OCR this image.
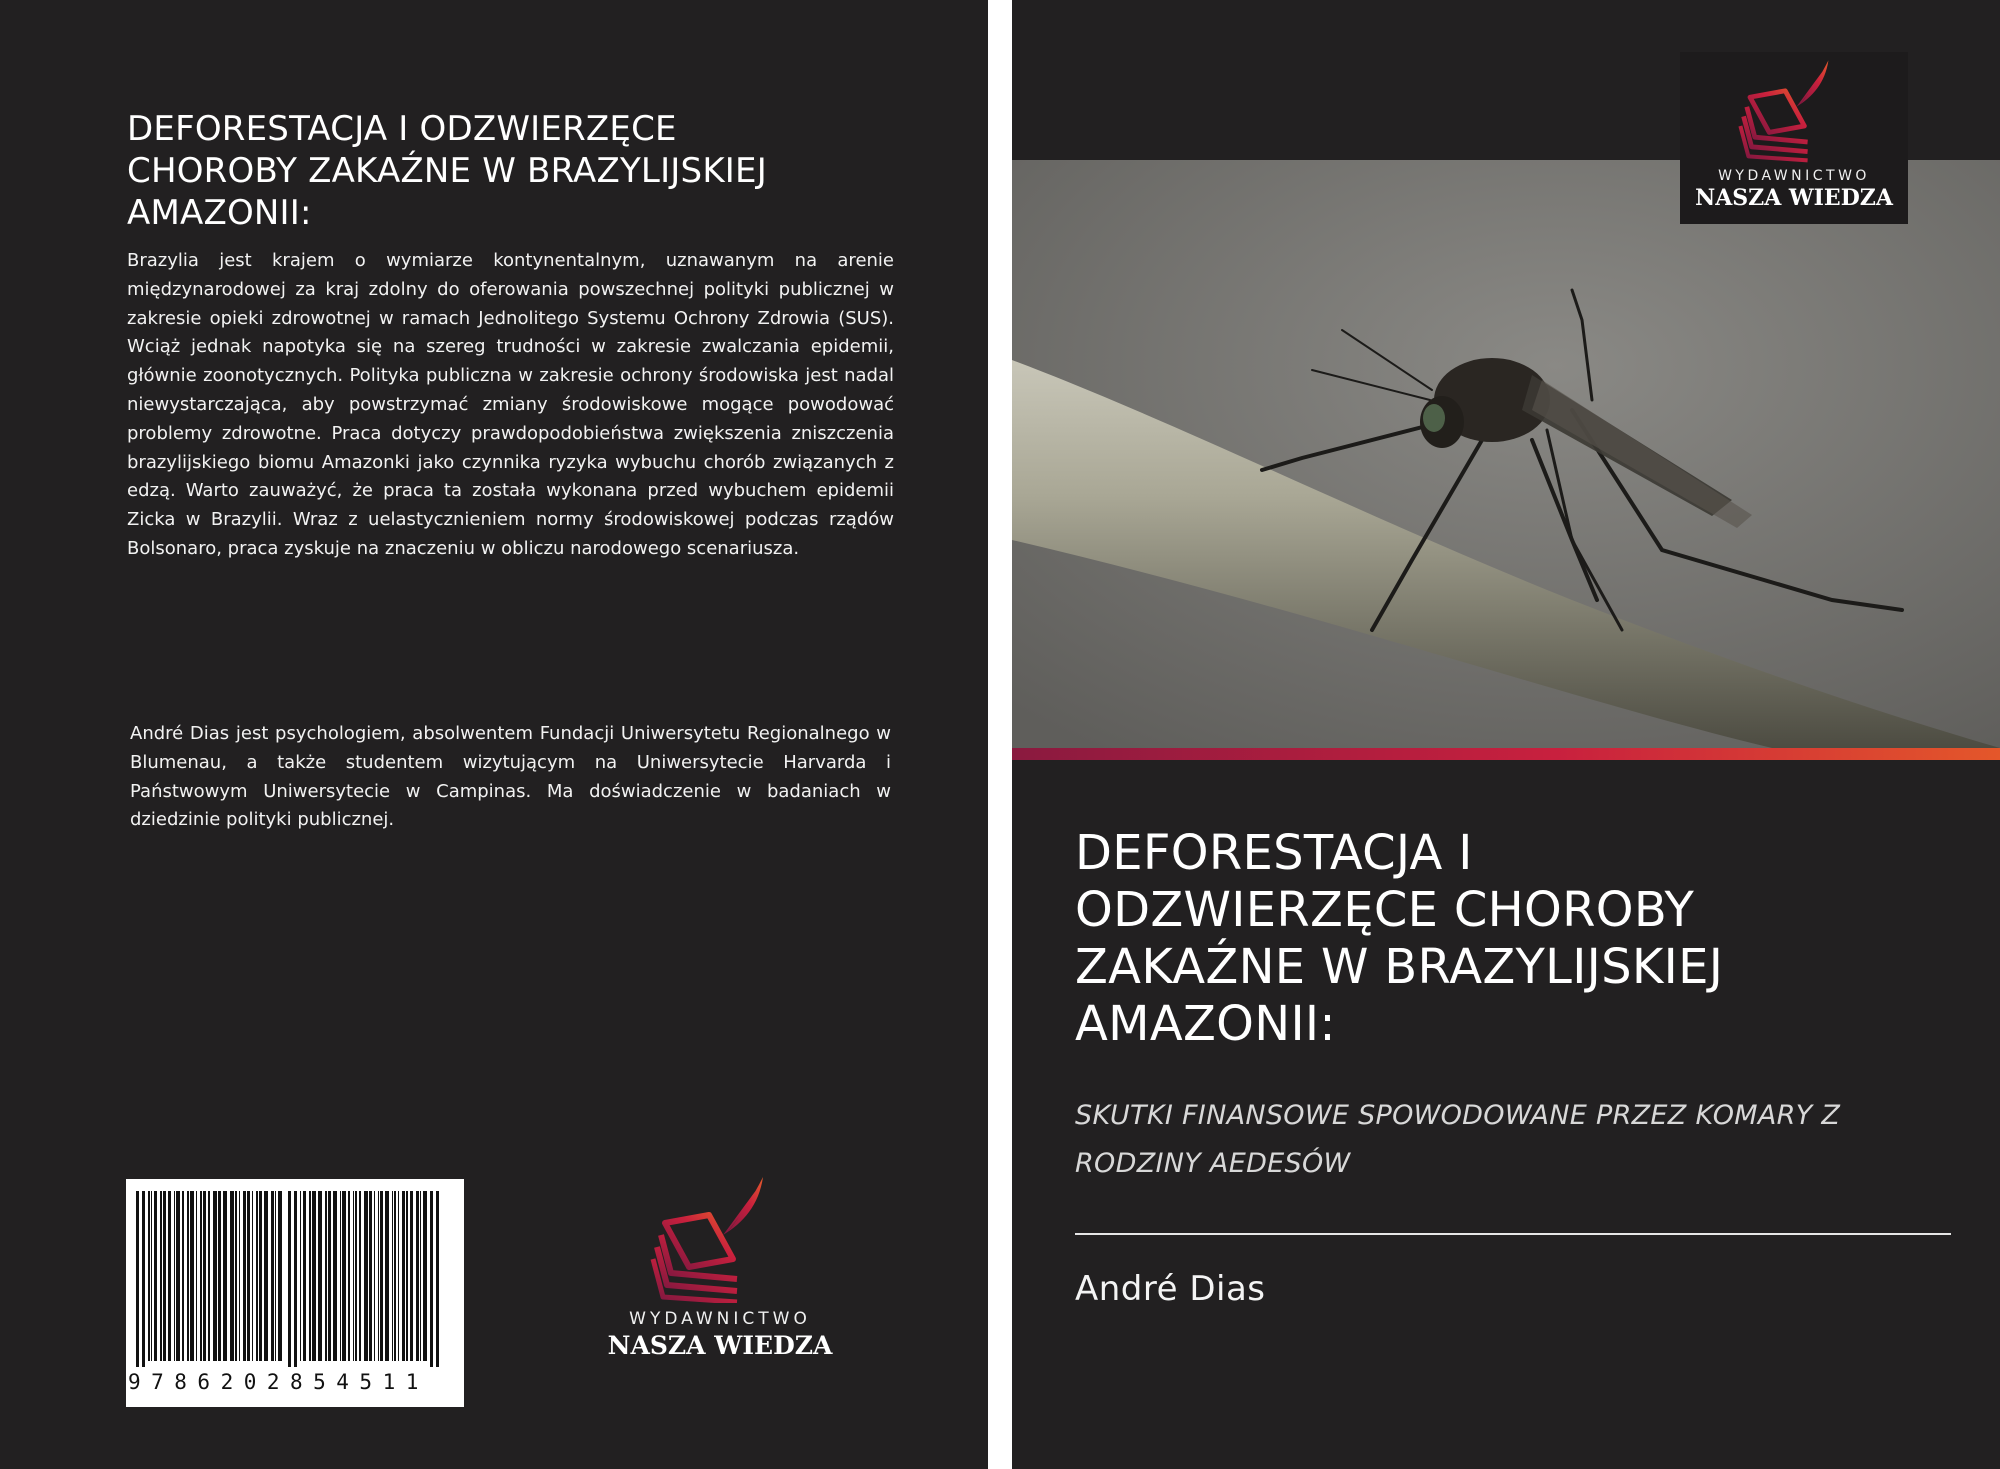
DEFORESTACJA I ODZWIERZĘCE
CHOROBY ZAKAŹNE W BRAZYLIJSKIEJ
AMAZONII:

Brazylia jest krajem o wymiarze kontynentalnym, uznawanym na arenie międzynarodowej za kraj zdolny do oferowania powszechnej polityki publicznej w zakresie opieki zdrowotnej w ramach Jednolitego Systemu Ochrony Zdrowia (SUS). Wciąż jednak napotyka się na szereg trudności w zakresie zwalczania epidemii, głównie zoonotycznych. Polityka publiczna w zakresie ochrony środowiska jest nadal niewystarczająca, aby powstrzymać zmiany środowiskowe mogące powodować problemy zdrowotne. Praca dotyczy prawdopodobieństwa zwiększenia zniszczenia brazylijskiego biomu Amazonki jako czynnika ryzyka wybuchu chorób związanych z edzą. Warto zauważyć, że praca ta została wykonana przed wybuchem epidemii Zicka w Brazylii. Wraz z uelastycznieniem normy środowiskowej podczas rządów Bolsonaro, praca zyskuje na znaczeniu w obliczu narodowego scenariusza.

André Dias jest psychologiem, absolwentem Fundacji Uniwersytetu Regionalnego w Blumenau, a także studentem wizytującym na Uniwersytecie Harvarda i Państwowym Uniwersytecie w Campinas. Ma doświadczenie w badaniach w dziedzinie polityki publicznej.

9786202854511
WYDAWNICTWO
NASZA WIEDZA
WYDAWNICTWO
NASZA WIEDZA
DEFORESTACJA I
ODZWIERZĘCE CHOROBY
ZAKAŹNE W BRAZYLIJSKIEJ
AMAZONII:

SKUTKI FINANSOWE SPOWODOWANE PRZEZ KOMARY Z
RODZINY AEDESÓW

André Dias
